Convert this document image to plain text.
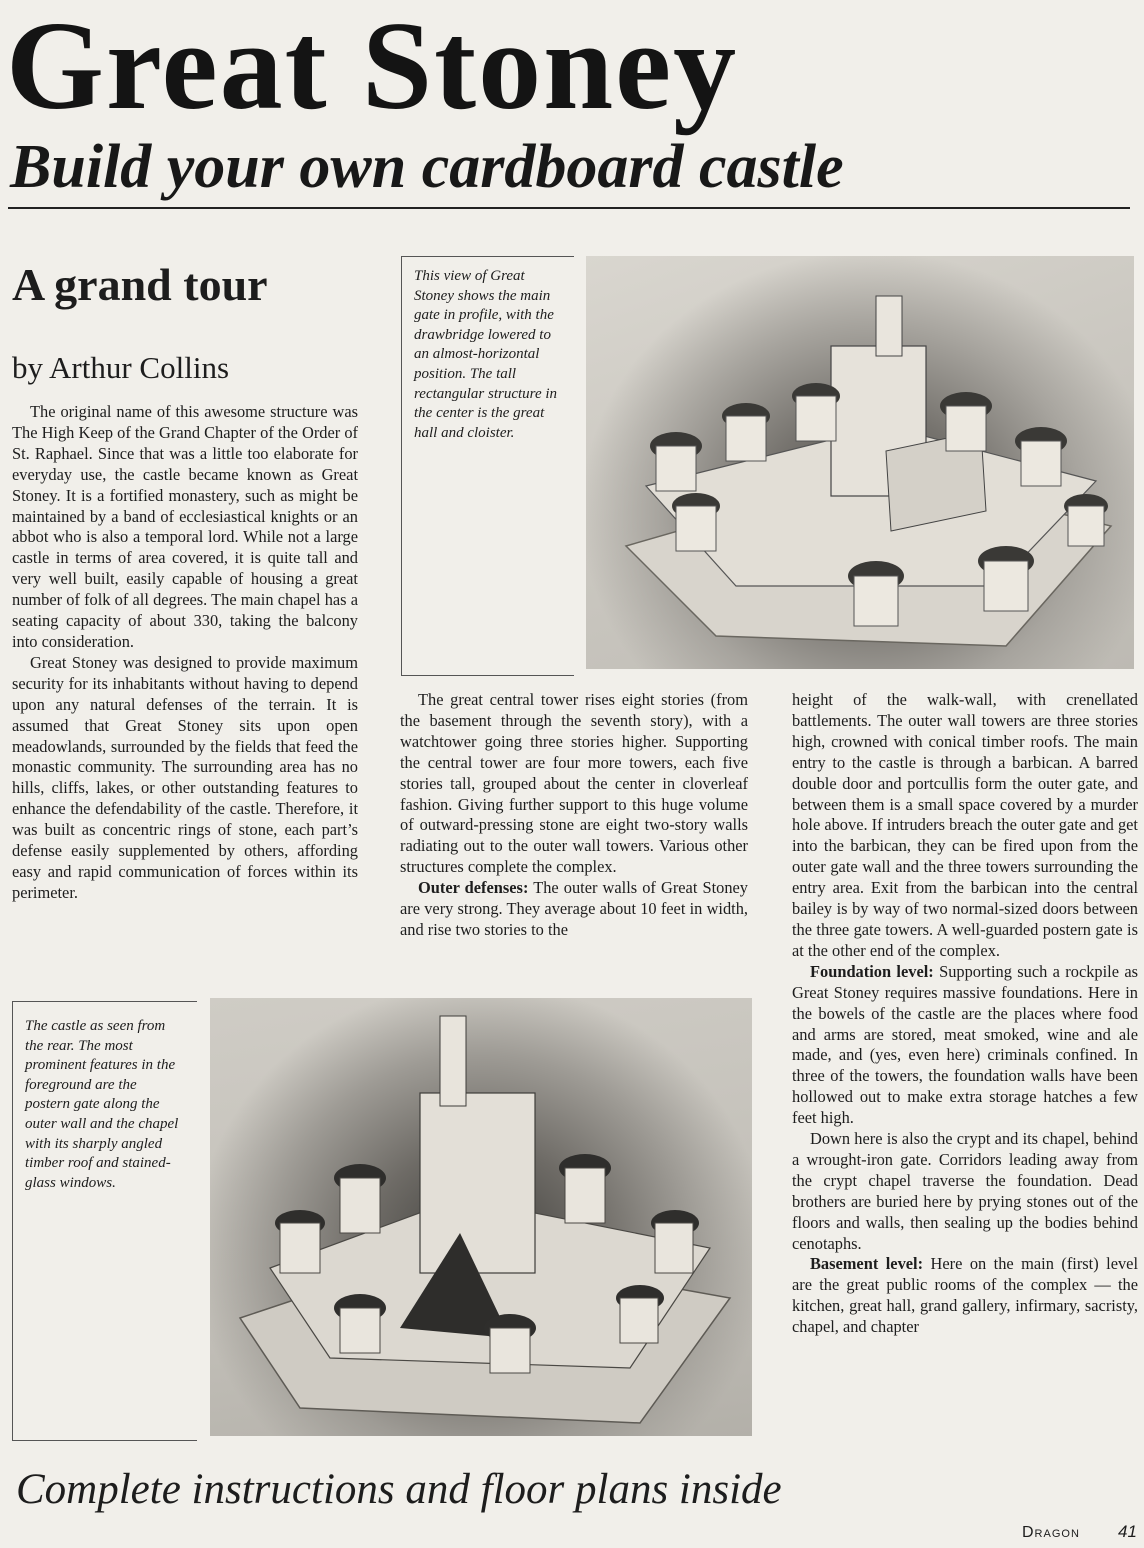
Great Stoney
Build your own cardboard castle
A grand tour
by Arthur Collins

The original name of this awesome structure was The High Keep of the Grand Chapter of the Order of St. Raphael. Since that was a little too elaborate for everyday use, the castle became known as Great Stoney. It is a fortified monastery, such as might be maintained by a band of ecclesiastical knights or an abbot who is also a temporal lord. While not a large castle in terms of area covered, it is quite tall and very well built, easily capable of housing a great number of folk of all degrees. The main chapel has a seating capacity of about 330, taking the balcony into consideration.

Great Stoney was designed to provide maximum security for its inhabitants without having to depend upon any natural defenses of the terrain. It is assumed that Great Stoney sits upon open meadowlands, surrounded by the fields that feed the monastic community. The surrounding area has no hills, cliffs, lakes, or other outstanding features to enhance the defendability of the castle. Therefore, it was built as concentric rings of stone, each part’s defense easily supplemented by others, affording easy and rapid communication of forces within its perimeter.

This view of Great Stoney shows the main gate in profile, with the drawbridge lowered to an almost-horizontal position. The tall rectangular structure in the center is the great hall and cloister.

The great central tower rises eight stories (from the basement through the seventh story), with a watchtower going three stories higher. Supporting the central tower are four more towers, each five stories tall, grouped about the center in cloverleaf fashion. Giving further support to this huge volume of outward-pressing stone are eight two-story walls radiating out to the outer wall towers. Various other structures complete the complex.

Outer defenses: The outer walls of Great Stoney are very strong. They average about 10 feet in width, and rise two stories to the

height of the walk-wall, with crenellated battlements. The outer wall towers are three stories high, crowned with conical timber roofs. The main entry to the castle is through a barbican. A barred double door and portcullis form the outer gate, and between them is a small space covered by a murder hole above. If intruders breach the outer gate and get into the barbican, they can be fired upon from the outer gate wall and the three towers surrounding the entry area. Exit from the barbican into the central bailey is by way of two normal-sized doors between the three gate towers. A well-guarded postern gate is at the other end of the complex.

Foundation level: Supporting such a rockpile as Great Stoney requires massive foundations. Here in the bowels of the castle are the places where food and arms are stored, meat smoked, wine and ale made, and (yes, even here) criminals confined. In three of the towers, the foundation walls have been hollowed out to make extra storage hatches a few feet high.

Down here is also the crypt and its chapel, behind a wrought-iron gate. Corridors leading away from the crypt chapel traverse the foundation. Dead brothers are buried here by prying stones out of the floors and walls, then sealing up the bodies behind cenotaphs.

Basement level: Here on the main (first) level are the great public rooms of the complex — the kitchen, great hall, grand gallery, infirmary, sacristy, chapel, and chapter

The castle as seen from the rear. The most prominent features in the foreground are the postern gate along the outer wall and the chapel with its sharply angled timber roof and stained-glass windows.

Complete instructions and floor plans inside
Dragon 41
